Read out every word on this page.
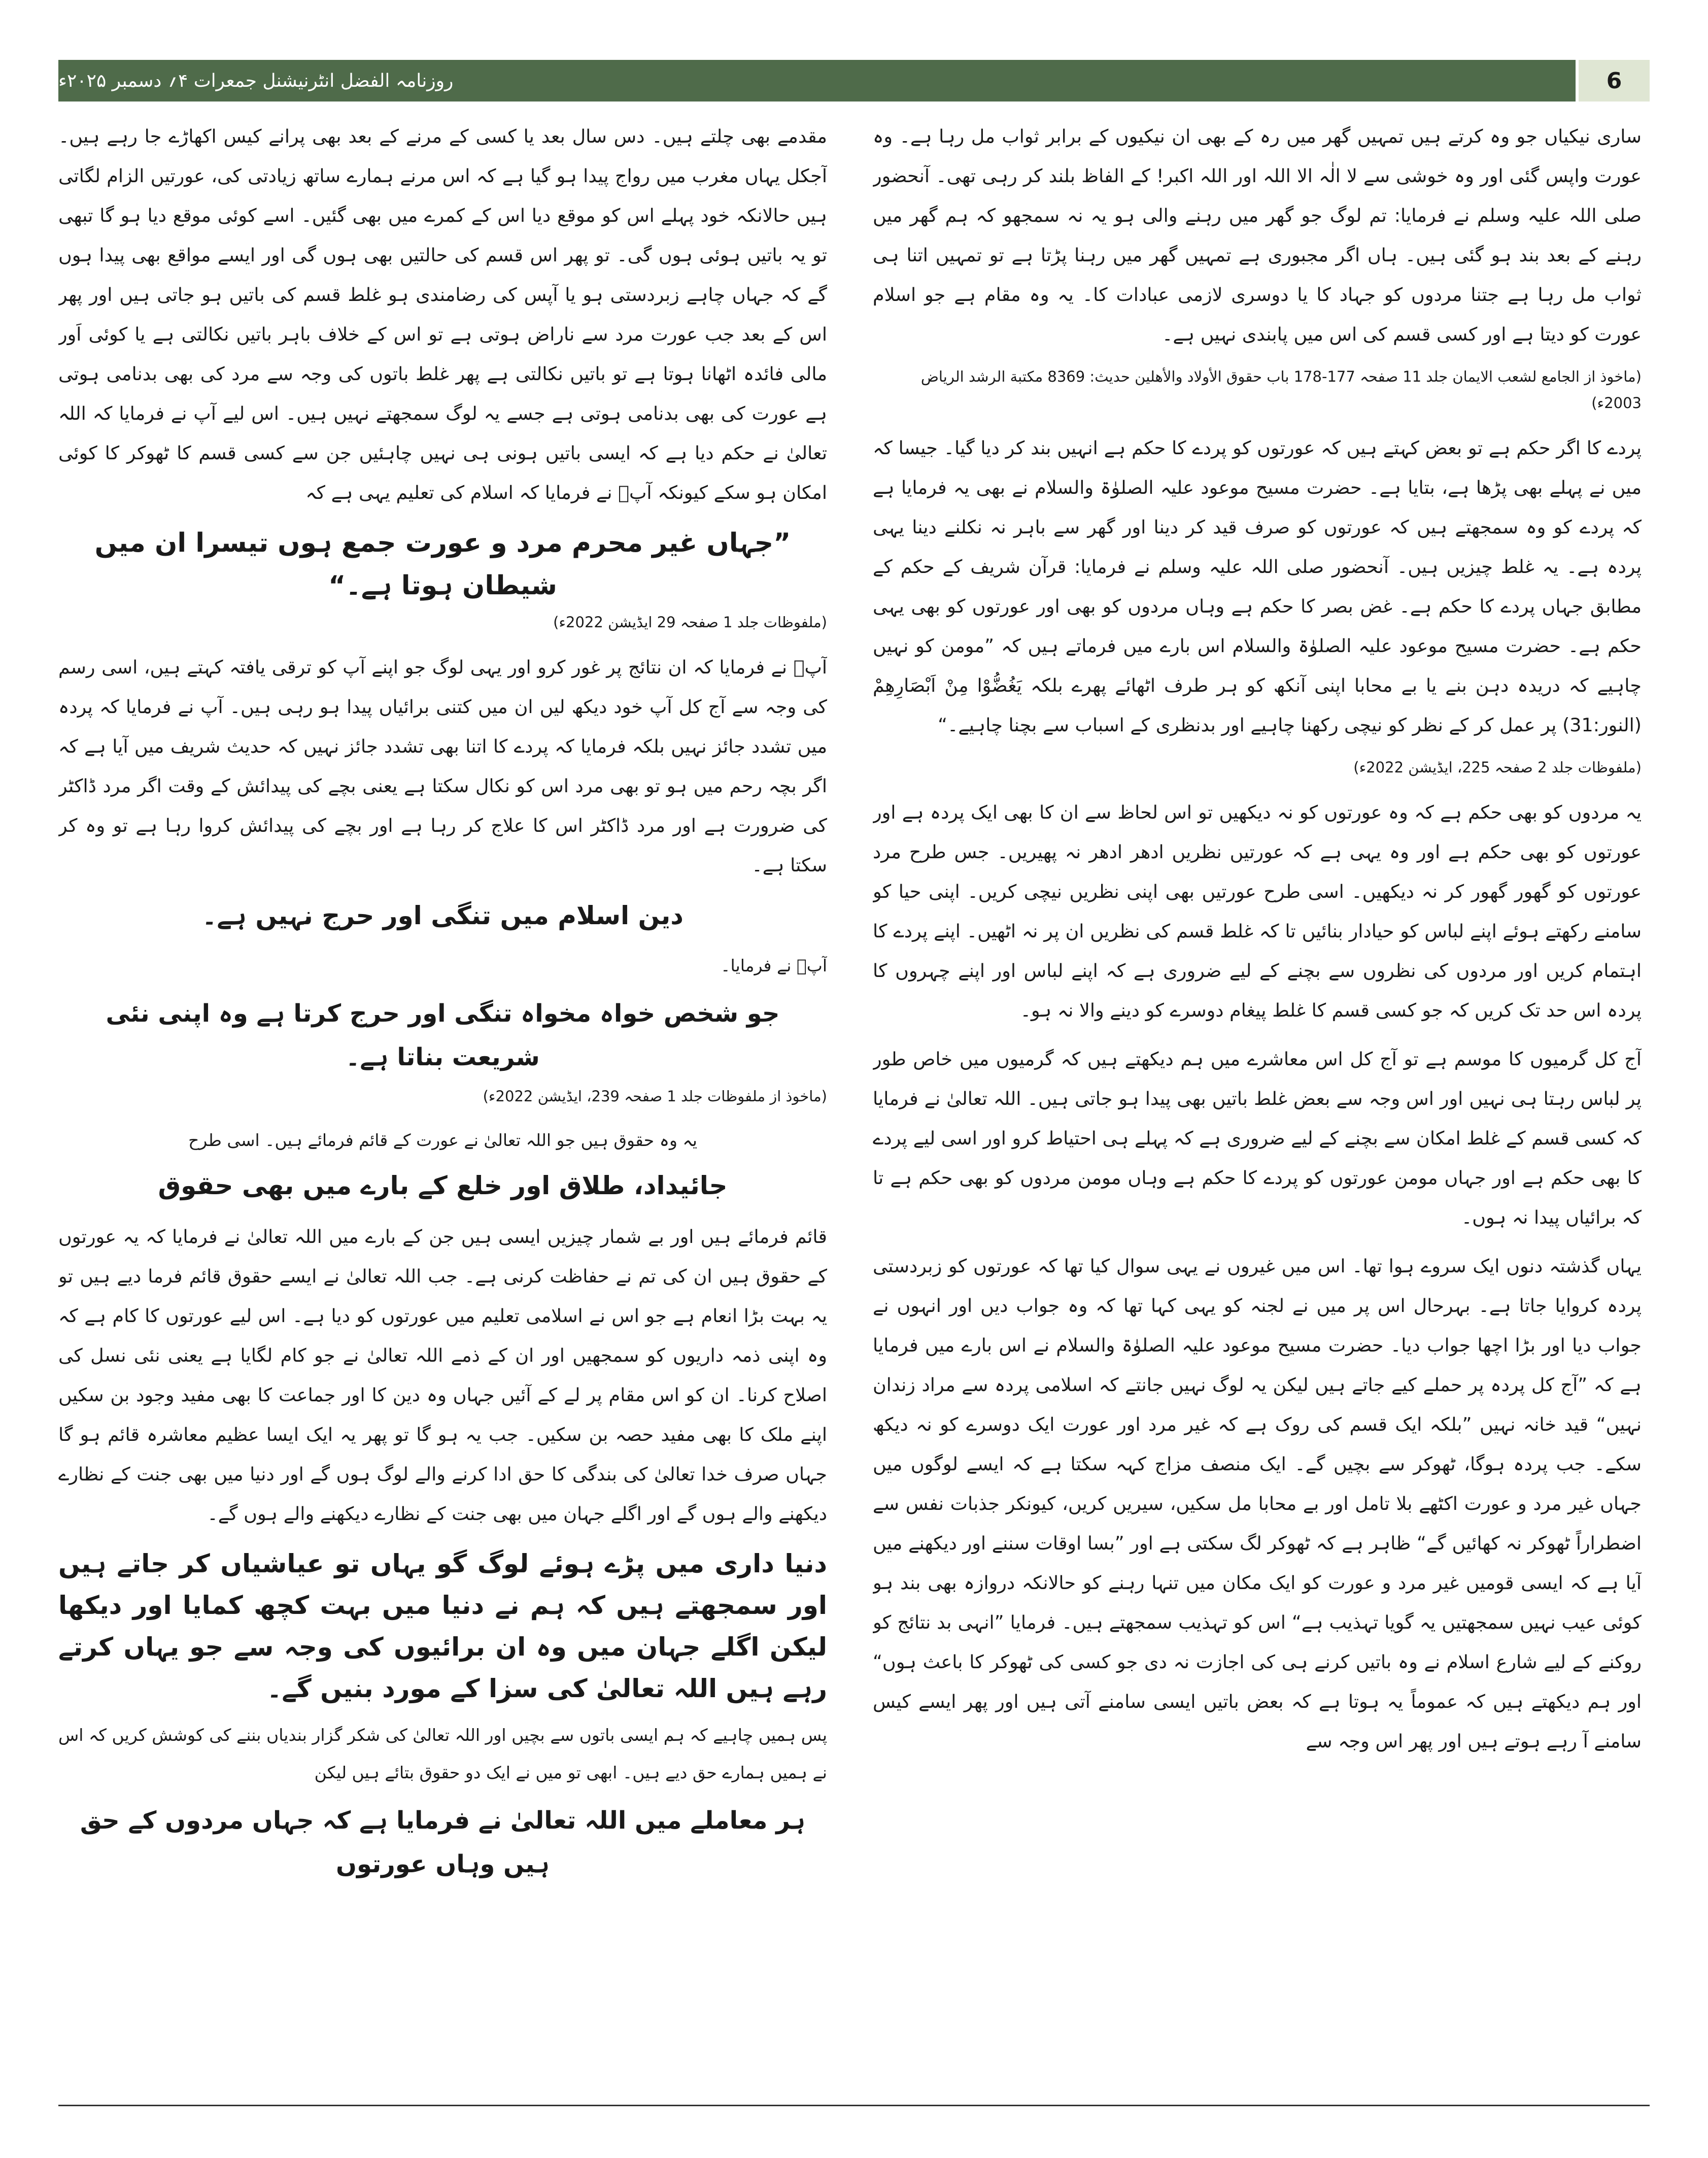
روزنامہ الفضل انٹرنیشنل جمعرات ۴؍ دسمبر ۲۰۲۵ء	6

ساری نیکیاں جو وہ کرتے ہیں تمہیں گھر میں رہ کے بھی ان نیکیوں کے برابر ثواب مل رہا ہے۔ وہ عورت واپس گئی اور وہ خوشی سے لا الٰہ الا اللہ اور اللہ اکبر! کے الفاظ بلند کر رہی تھی۔ آنحضور صلی اللہ علیہ وسلم نے فرمایا: تم لوگ جو گھر میں رہنے والی ہو یہ نہ سمجھو کہ ہم گھر میں رہنے کے بعد بند ہو گئی ہیں۔ ہاں اگر مجبوری ہے تمہیں گھر میں رہنا پڑتا ہے تو تمہیں اتنا ہی ثواب مل رہا ہے جتنا مردوں کو جہاد کا یا دوسری لازمی عبادات کا۔ یہ وہ مقام ہے جو اسلام عورت کو دیتا ہے اور کسی قسم کی اس میں پابندی نہیں ہے۔

(ماخوذ از الجامع لشعب الایمان جلد 11 صفحہ 177-178 باب حقوق الأولاد والأهلين حديث: 8369 مكتبة الرشد الرياض 2003ء)

پردے کا اگر حکم ہے تو بعض کہتے ہیں کہ عورتوں کو پردے کا حکم ہے انہیں بند کر دیا گیا۔ جیسا کہ میں نے پہلے بھی پڑھا ہے، بتایا ہے۔ حضرت مسیح موعود علیہ الصلوٰۃ والسلام نے بھی یہ فرمایا ہے کہ پردے کو وہ سمجھتے ہیں کہ عورتوں کو صرف قید کر دینا اور گھر سے باہر نہ نکلنے دینا یہی پردہ ہے۔ یہ غلط چیزیں ہیں۔ آنحضور صلی اللہ علیہ وسلم نے فرمایا: قرآن شریف کے حکم کے مطابق جہاں پردے کا حکم ہے۔ غض بصر کا حکم ہے وہاں مردوں کو بھی اور عورتوں کو بھی یہی حکم ہے۔ حضرت مسیح موعود علیہ الصلوٰۃ والسلام اس بارے میں فرماتے ہیں کہ ”مومن کو نہیں چاہیے کہ دریدہ دہن بنے یا بے محابا اپنی آنکھ کو ہر طرف اٹھائے پھرے بلکہ يَغُضُّوْا مِنْ اَبْصَارِهِمْ (النور:31) پر عمل کر کے نظر کو نیچی رکھنا چاہیے اور بدنظری کے اسباب سے بچنا چاہیے۔“

(ملفوظات جلد 2 صفحہ 225، ایڈیشن 2022ء)

یہ مردوں کو بھی حکم ہے کہ وہ عورتوں کو نہ دیکھیں تو اس لحاظ سے ان کا بھی ایک پردہ ہے اور عورتوں کو بھی حکم ہے اور وہ یہی ہے کہ عورتیں نظریں ادھر ادھر نہ پھیریں۔ جس طرح مرد عورتوں کو گھور گھور کر نہ دیکھیں۔ اسی طرح عورتیں بھی اپنی نظریں نیچی کریں۔ اپنی حیا کو سامنے رکھتے ہوئے اپنے لباس کو حیادار بنائیں تا کہ غلط قسم کی نظریں ان پر نہ اٹھیں۔ اپنے پردے کا اہتمام کریں اور مردوں کی نظروں سے بچنے کے لیے ضروری ہے کہ اپنے لباس اور اپنے چہروں کا پردہ اس حد تک کریں کہ جو کسی قسم کا غلط پیغام دوسرے کو دینے والا نہ ہو۔

آج کل گرمیوں کا موسم ہے تو آج کل اس معاشرے میں ہم دیکھتے ہیں کہ گرمیوں میں خاص طور پر لباس رہتا ہی نہیں اور اس وجہ سے بعض غلط باتیں بھی پیدا ہو جاتی ہیں۔ اللہ تعالیٰ نے فرمایا کہ کسی قسم کے غلط امکان سے بچنے کے لیے ضروری ہے کہ پہلے ہی احتیاط کرو اور اسی لیے پردے کا بھی حکم ہے اور جہاں مومن عورتوں کو پردے کا حکم ہے وہاں مومن مردوں کو بھی حکم ہے تا کہ برائیاں پیدا نہ ہوں۔

یہاں گذشتہ دنوں ایک سروے ہوا تھا۔ اس میں غیروں نے یہی سوال کیا تھا کہ عورتوں کو زبردستی پردہ کروایا جاتا ہے۔ بہرحال اس پر میں نے لجنہ کو یہی کہا تھا کہ وہ جواب دیں اور انہوں نے جواب دیا اور بڑا اچھا جواب دیا۔ حضرت مسیح موعود علیہ الصلوٰۃ والسلام نے اس بارے میں فرمایا ہے کہ ”آج کل پردہ پر حملے کیے جاتے ہیں لیکن یہ لوگ نہیں جانتے کہ اسلامی پردہ سے مراد زندان نہیں“ قید خانہ نہیں ”بلکہ ایک قسم کی روک ہے کہ غیر مرد اور عورت ایک دوسرے کو نہ دیکھ سکے۔ جب پردہ ہوگا، ٹھوکر سے بچیں گے۔ ایک منصف مزاج کہہ سکتا ہے کہ ایسے لوگوں میں جہاں غیر مرد و عورت اکٹھے بلا تامل اور بے محابا مل سکیں، سیریں کریں، کیونکر جذبات نفس سے اضطراراً ٹھوکر نہ کھائیں گے“ ظاہر ہے کہ ٹھوکر لگ سکتی ہے اور ”بسا اوقات سننے اور دیکھنے میں آیا ہے کہ ایسی قومیں غیر مرد و عورت کو ایک مکان میں تنہا رہنے کو حالانکہ دروازہ بھی بند ہو کوئی عیب نہیں سمجھتیں یہ گویا تہذیب ہے“ اس کو تہذیب سمجھتے ہیں۔ فرمایا ”انہی بد نتائج کو روکنے کے لیے شارع اسلام نے وہ باتیں کرنے ہی کی اجازت نہ دی جو کسی کی ٹھوکر کا باعث ہوں“ اور ہم دیکھتے ہیں کہ عموماً یہ ہوتا ہے کہ بعض باتیں ایسی سامنے آتی ہیں اور پھر ایسے کیس سامنے آ رہے ہوتے ہیں اور پھر اس وجہ سے

مقدمے بھی چلتے ہیں۔ دس سال بعد یا کسی کے مرنے کے بعد بھی پرانے کیس اکھاڑے جا رہے ہیں۔ آجکل یہاں مغرب میں رواج پیدا ہو گیا ہے کہ اس مرنے ہمارے ساتھ زیادتی کی، عورتیں الزام لگاتی ہیں حالانکہ خود پہلے اس کو موقع دیا اس کے کمرے میں بھی گئیں۔ اسے کوئی موقع دیا ہو گا تبھی تو یہ باتیں ہوئی ہوں گی۔ تو پھر اس قسم کی حالتیں بھی ہوں گی اور ایسے مواقع بھی پیدا ہوں گے کہ جہاں چاہے زبردستی ہو یا آپس کی رضامندی ہو غلط قسم کی باتیں ہو جاتی ہیں اور پھر اس کے بعد جب عورت مرد سے ناراض ہوتی ہے تو اس کے خلاف باہر باتیں نکالتی ہے یا کوئی اَور مالی فائدہ اٹھانا ہوتا ہے تو باتیں نکالتی ہے پھر غلط باتوں کی وجہ سے مرد کی بھی بدنامی ہوتی ہے عورت کی بھی بدنامی ہوتی ہے جسے یہ لوگ سمجھتے نہیں ہیں۔ اس لیے آپ نے فرمایا کہ اللہ تعالیٰ نے حکم دیا ہے کہ ایسی باتیں ہونی ہی نہیں چاہئیں جن سے کسی قسم کا ٹھوکر کا کوئی امکان ہو سکے کیونکہ آپؑ نے فرمایا کہ اسلام کی تعلیم یہی ہے کہ

”جہاں غیر محرم مرد و عورت جمع ہوں تیسرا ان میں شیطان ہوتا ہے۔“

(ملفوظات جلد 1 صفحہ 29 ایڈیشن 2022ء)

آپؑ نے فرمایا کہ ان نتائج پر غور کرو اور یہی لوگ جو اپنے آپ کو ترقی یافتہ کہتے ہیں، اسی رسم کی وجہ سے آج کل آپ خود دیکھ لیں ان میں کتنی برائیاں پیدا ہو رہی ہیں۔ آپ نے فرمایا کہ پردہ میں تشدد جائز نہیں بلکہ فرمایا کہ پردے کا اتنا بھی تشدد جائز نہیں کہ حدیث شریف میں آیا ہے کہ اگر بچہ رحم میں ہو تو بھی مرد اس کو نکال سکتا ہے یعنی بچے کی پیدائش کے وقت اگر مرد ڈاکٹر کی ضرورت ہے اور مرد ڈاکٹر اس کا علاج کر رہا ہے اور بچے کی پیدائش کروا رہا ہے تو وہ کر سکتا ہے۔

دین اسلام میں تنگی اور حرج نہیں ہے۔

آپؑ نے فرمایا۔

جو شخص خواہ مخواہ تنگی اور حرج کرتا ہے وہ اپنی نئی شریعت بناتا ہے۔

(ماخوذ از ملفوظات جلد 1 صفحہ 239، ایڈیشن 2022ء)

یہ وہ حقوق ہیں جو اللہ تعالیٰ نے عورت کے قائم فرمائے ہیں۔ اسی طرح

جائیداد، طلاق اور خلع کے بارے میں بھی حقوق

قائم فرمائے ہیں اور بے شمار چیزیں ایسی ہیں جن کے بارے میں اللہ تعالیٰ نے فرمایا کہ یہ عورتوں کے حقوق ہیں ان کی تم نے حفاظت کرنی ہے۔ جب اللہ تعالیٰ نے ایسے حقوق قائم فرما دیے ہیں تو یہ بہت بڑا انعام ہے جو اس نے اسلامی تعلیم میں عورتوں کو دیا ہے۔ اس لیے عورتوں کا کام ہے کہ وہ اپنی ذمہ داریوں کو سمجھیں اور ان کے ذمے اللہ تعالیٰ نے جو کام لگایا ہے یعنی نئی نسل کی اصلاح کرنا۔ ان کو اس مقام پر لے کے آئیں جہاں وہ دین کا اور جماعت کا بھی مفید وجود بن سکیں اپنے ملک کا بھی مفید حصہ بن سکیں۔ جب یہ ہو گا تو پھر یہ ایک ایسا عظیم معاشرہ قائم ہو گا جہاں صرف خدا تعالیٰ کی بندگی کا حق ادا کرنے والے لوگ ہوں گے اور دنیا میں بھی جنت کے نظارے دیکھنے والے ہوں گے اور اگلے جہان میں بھی جنت کے نظارے دیکھنے والے ہوں گے۔

دنیا داری میں پڑے ہوئے لوگ گو یہاں تو عیاشیاں کر جاتے ہیں اور سمجھتے ہیں کہ ہم نے دنیا میں بہت کچھ کمایا اور دیکھا لیکن اگلے جہان میں وہ ان برائیوں کی وجہ سے جو یہاں کرتے رہے ہیں اللہ تعالیٰ کی سزا کے مورد بنیں گے۔

پس ہمیں چاہیے کہ ہم ایسی باتوں سے بچیں اور اللہ تعالیٰ کی شکر گزار بندیاں بننے کی کوشش کریں کہ اس نے ہمیں ہمارے حق دیے ہیں۔ ابھی تو میں نے ایک دو حقوق بتائے ہیں لیکن

ہر معاملے میں اللہ تعالیٰ نے فرمایا ہے کہ جہاں مردوں کے حق ہیں وہاں عورتوں
